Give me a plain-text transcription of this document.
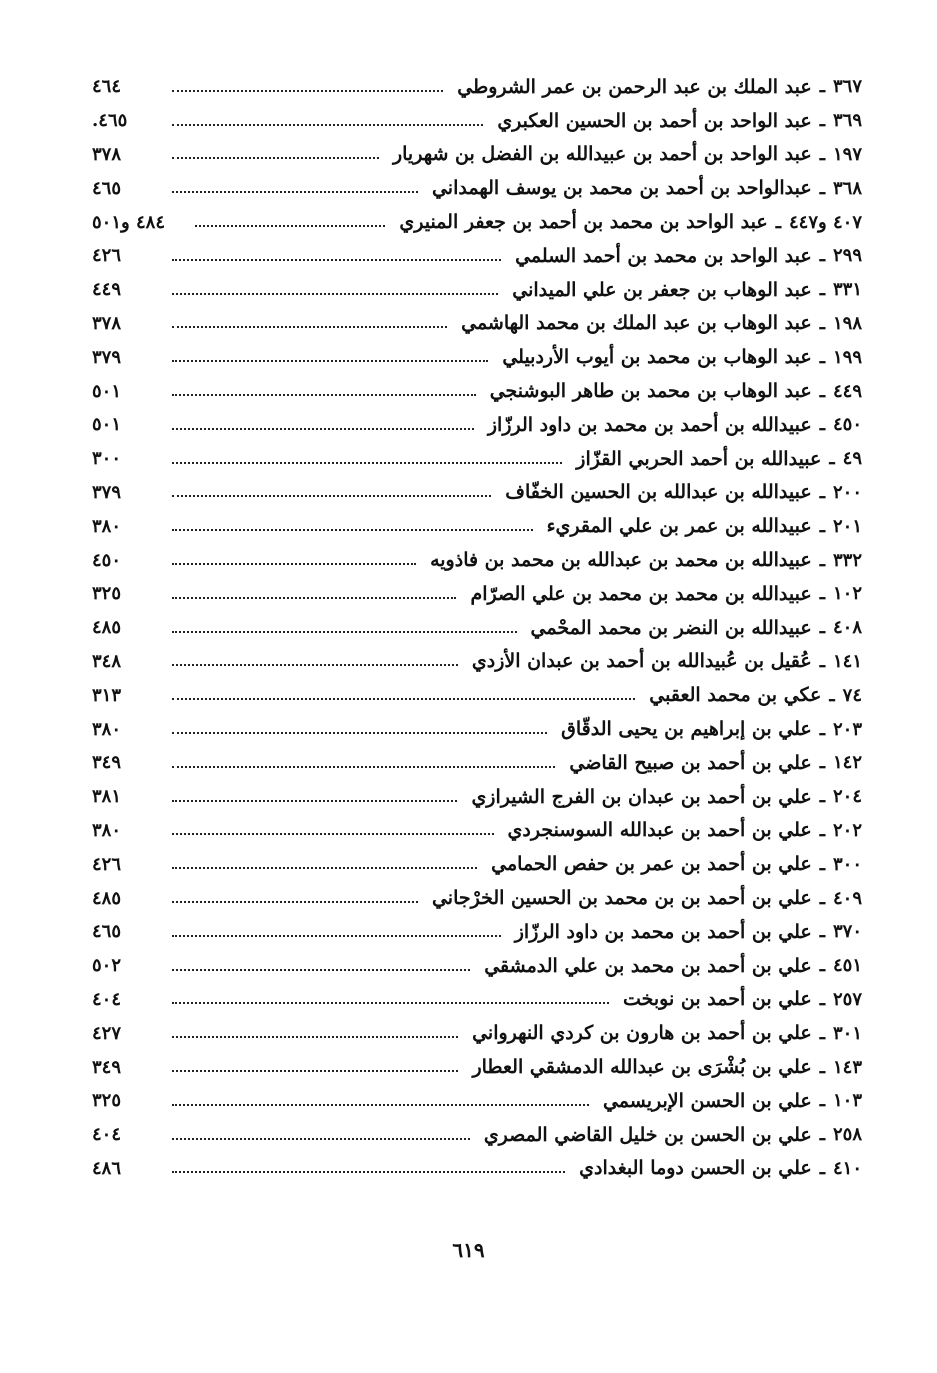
٤٦٤	عبد الملك بن عبد الرحمن بن عمر الشروطي ـ ٣٦٧
٤٦٥.	عبد الواحد بن أحمد بن الحسين العكبري ـ ٣٦٩
٣٧٨	عبد الواحد بن أحمد بن عبيدالله بن الفضل بن شهريار ـ ١٩٧
٤٦٥	عبدالواحد بن أحمد بن محمد بن يوسف الهمداني ـ ٣٦٨
٤٨٤ و٥٠١	عبد الواحد بن محمد بن أحمد بن جعفر المنيري ـ ٤٠٧ و٤٤٧
٤٢٦	عبد الواحد بن محمد بن أحمد السلمي ـ ٢٩٩
٤٤٩	عبد الوهاب بن جعفر بن علي الميداني ـ ٣٣١
٣٧٨	عبد الوهاب بن عبد الملك بن محمد الهاشمي ـ ١٩٨
٣٧٩	عبد الوهاب بن محمد بن أيوب الأردبيلي ـ ١٩٩
٥٠١	عبد الوهاب بن محمد بن طاهر البوشنجي ـ ٤٤٩
٥٠١	عبيدالله بن أحمد بن محمد بن داود الرزّاز ـ ٤٥٠
٣٠٠	عبيدالله بن أحمد الحربي القزّاز ـ ٤٩
٣٧٩	عبيدالله بن عبدالله بن الحسين الخفّاف ـ ٢٠٠
٣٨٠	عبيدالله بن عمر بن علي المقريء ـ ٢٠١
٤٥٠	عبيدالله بن محمد بن عبدالله بن محمد بن فاذويه ـ ٣٣٢
٣٢٥	عبيدالله بن محمد بن محمد بن علي الصرّام ـ ١٠٢
٤٨٥	عبيدالله بن النضر بن محمد المحْمي ـ ٤٠٨
٣٤٨	عُقيل بن عُبيدالله بن أحمد بن عبدان الأزدي ـ ١٤١
٣١٣	عكي بن محمد العقبي ـ ٧٤
٣٨٠	علي بن إبراهيم بن يحيى الدقّاق ـ ٢٠٣
٣٤٩	علي بن أحمد بن صبيح القاضي ـ ١٤٢
٣٨١	علي بن أحمد بن عبدان بن الفرج الشيرازي ـ ٢٠٤
٣٨٠	علي بن أحمد بن عبدالله السوسنجردي ـ ٢٠٢
٤٢٦	علي بن أحمد بن عمر بن حفص الحمامي ـ ٣٠٠
٤٨٥	علي بن أحمد بن بن محمد بن الحسين الخرْجاني ـ ٤٠٩
٤٦٥	علي بن أحمد بن محمد بن داود الرزّاز ـ ٣٧٠
٥٠٢	علي بن أحمد بن محمد بن علي الدمشقي ـ ٤٥١
٤٠٤	علي بن أحمد بن نوبخت ـ ٢٥٧
٤٢٧	علي بن أحمد بن هارون بن كردي النهرواني ـ ٣٠١
٣٤٩	علي بن بُشْرَى بن عبدالله الدمشقي العطار ـ ١٤٣
٣٢٥	علي بن الحسن الإبريسمي ـ ١٠٣
٤٠٤	علي بن الحسن بن خليل القاضي المصري ـ ٢٥٨
٤٨٦	علي بن الحسن دوما البغدادي ـ ٤١٠
٦١٩
